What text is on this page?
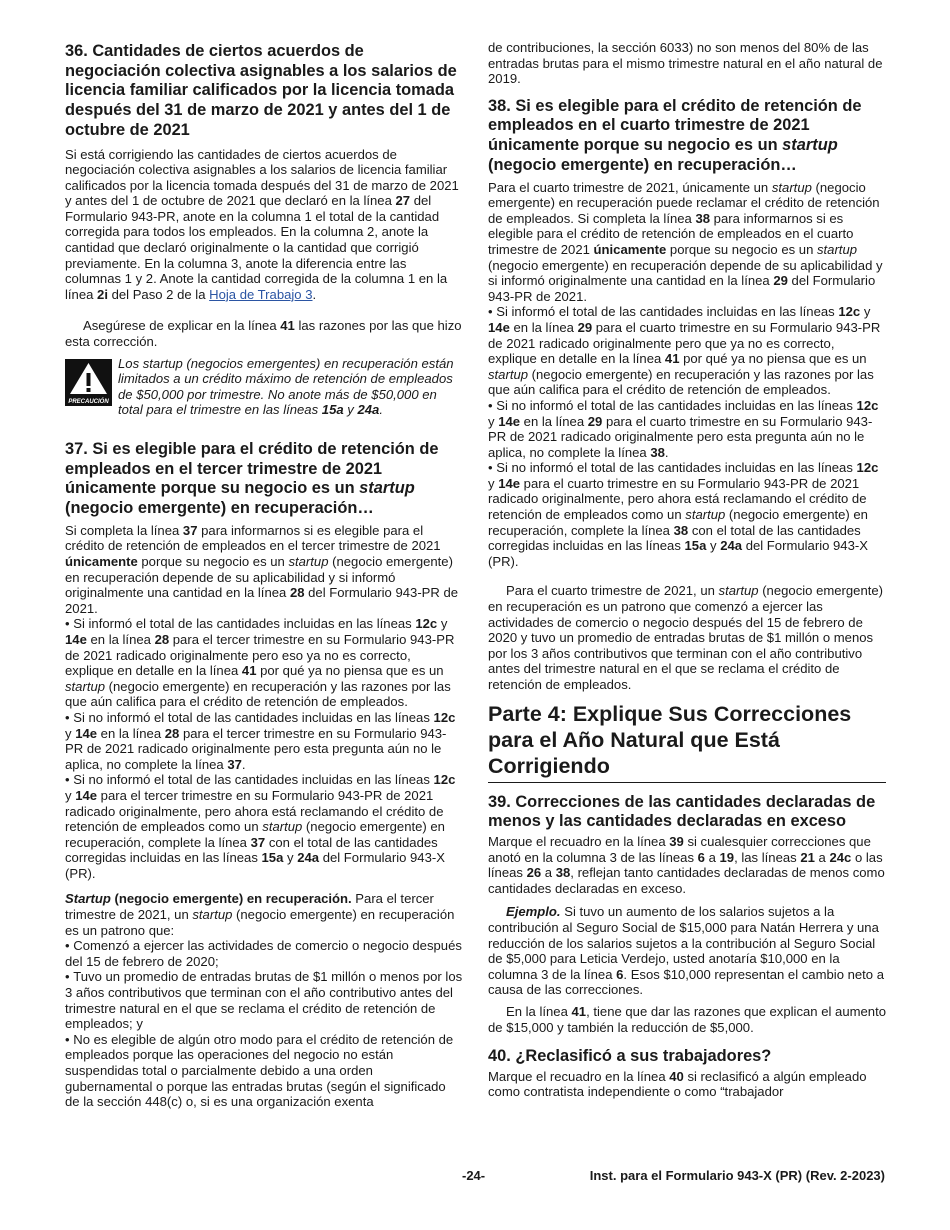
36. Cantidades de ciertos acuerdos de negociación colectiva asignables a los salarios de licencia familiar calificados por la licencia tomada después del 31 de marzo de 2021 y antes del 1 de octubre de 2021

Si está corrigiendo las cantidades de ciertos acuerdos de negociación colectiva asignables a los salarios de licencia familiar calificados por la licencia tomada después del 31 de marzo de 2021 y antes del 1 de octubre de 2021 que declaró en la línea 27 del Formulario 943-PR, anote en la columna 1 el total de la cantidad corregida para todos los empleados. En la columna 2, anote la cantidad que declaró originalmente o la cantidad que corrigió previamente. En la columna 3, anote la diferencia entre las columnas 1 y 2. Anote la cantidad corregida de la columna 1 en la línea 2i del Paso 2 de la Hoja de Trabajo 3.

Asegúrese de explicar en la línea 41 las razones por las que hizo esta corrección.

PRECAUCIÓN

Los startup (negocios emergentes) en recuperación están limitados a un crédito máximo de retención de empleados de $50,000 por trimestre. No anote más de $50,000 en total para el trimestre en las líneas 15a y 24a.

37. Si es elegible para el crédito de retención de empleados en el tercer trimestre de 2021 únicamente porque su negocio es un startup (negocio emergente) en recuperación…

Si completa la línea 37 para informarnos si es elegible para el crédito de retención de empleados en el tercer trimestre de 2021 únicamente porque su negocio es un startup (negocio emergente) en recuperación depende de su aplicabilidad y si informó originalmente una cantidad en la línea 28 del Formulario 943-PR de 2021.

• Si informó el total de las cantidades incluidas en las líneas 12c y 14e en la línea 28 para el tercer trimestre en su Formulario 943-PR de 2021 radicado originalmente pero eso ya no es correcto, explique en detalle en la línea 41 por qué ya no piensa que es un startup (negocio emergente) en recuperación y las razones por las que aún califica para el crédito de retención de empleados.

• Si no informó el total de las cantidades incluidas en las líneas 12c y 14e en la línea 28 para el tercer trimestre en su Formulario 943-PR de 2021 radicado originalmente pero esta pregunta aún no le aplica, no complete la línea 37.

• Si no informó el total de las cantidades incluidas en las líneas 12c y 14e para el tercer trimestre en su Formulario 943-PR de 2021 radicado originalmente, pero ahora está reclamando el crédito de retención de empleados como un startup (negocio emergente) en recuperación, complete la línea 37 con el total de las cantidades corregidas incluidas en las líneas 15a y 24a del Formulario 943-X (PR).

Startup (negocio emergente) en recuperación. Para el tercer trimestre de 2021, un startup (negocio emergente) en recuperación es un patrono que:

• Comenzó a ejercer las actividades de comercio o negocio después del 15 de febrero de 2020;

• Tuvo un promedio de entradas brutas de $1 millón o menos por los 3 años contributivos que terminan con el año contributivo antes del trimestre natural en el que se reclama el crédito de retención de empleados; y

• No es elegible de algún otro modo para el crédito de retención de empleados porque las operaciones del negocio no están suspendidas total o parcialmente debido a una orden gubernamental o porque las entradas brutas (según el significado de la sección 448(c) o, si es una organización exenta

de contribuciones, la sección 6033) no son menos del 80% de las entradas brutas para el mismo trimestre natural en el año natural de 2019.

38. Si es elegible para el crédito de retención de empleados en el cuarto trimestre de 2021 únicamente porque su negocio es un startup (negocio emergente) en recuperación…

Para el cuarto trimestre de 2021, únicamente un startup (negocio emergente) en recuperación puede reclamar el crédito de retención de empleados. Si completa la línea 38 para informarnos si es elegible para el crédito de retención de empleados en el cuarto trimestre de 2021 únicamente porque su negocio es un startup (negocio emergente) en recuperación depende de su aplicabilidad y si informó originalmente una cantidad en la línea 29 del Formulario 943-PR de 2021.

• Si informó el total de las cantidades incluidas en las líneas 12c y 14e en la línea 29 para el cuarto trimestre en su Formulario 943-PR de 2021 radicado originalmente pero que ya no es correcto, explique en detalle en la línea 41 por qué ya no piensa que es un startup (negocio emergente) en recuperación y las razones por las que aún califica para el crédito de retención de empleados.

• Si no informó el total de las cantidades incluidas en las líneas 12c y 14e en la línea 29 para el cuarto trimestre en su Formulario 943-PR de 2021 radicado originalmente pero esta pregunta aún no le aplica, no complete la línea 38.

• Si no informó el total de las cantidades incluidas en las líneas 12c y 14e para el cuarto trimestre en su Formulario 943-PR de 2021 radicado originalmente, pero ahora está reclamando el crédito de retención de empleados como un startup (negocio emergente) en recuperación, complete la línea 38 con el total de las cantidades corregidas incluidas en las líneas 15a y 24a del Formulario 943-X (PR).

Para el cuarto trimestre de 2021, un startup (negocio emergente) en recuperación es un patrono que comenzó a ejercer las actividades de comercio o negocio después del 15 de febrero de 2020 y tuvo un promedio de entradas brutas de $1 millón o menos por los 3 años contributivos que terminan con el año contributivo antes del trimestre natural en el que se reclama el crédito de retención de empleados.

Parte 4: Explique Sus Correcciones para el Año Natural que Está Corrigiendo
39. Correcciones de las cantidades declaradas de menos y las cantidades declaradas en exceso

Marque el recuadro en la línea 39 si cualesquier correcciones que anotó en la columna 3 de las líneas 6 a 19, las líneas 21 a 24c o las líneas 26 a 38, reflejan tanto cantidades declaradas de menos como cantidades declaradas en exceso.

Ejemplo. Si tuvo un aumento de los salarios sujetos a la contribución al Seguro Social de $15,000 para Natán Herrera y una reducción de los salarios sujetos a la contribución al Seguro Social de $5,000 para Leticia Verdejo, usted anotaría $10,000 en la columna 3 de la línea 6. Esos $10,000 representan el cambio neto a causa de las correcciones.

En la línea 41, tiene que dar las razones que explican el aumento de $15,000 y también la reducción de $5,000.

40. ¿Reclasificó a sus trabajadores?

Marque el recuadro en la línea 40 si reclasificó a algún empleado como contratista independiente o como “trabajador

-24-	Inst. para el Formulario 943-X (PR) (Rev. 2-2023)
